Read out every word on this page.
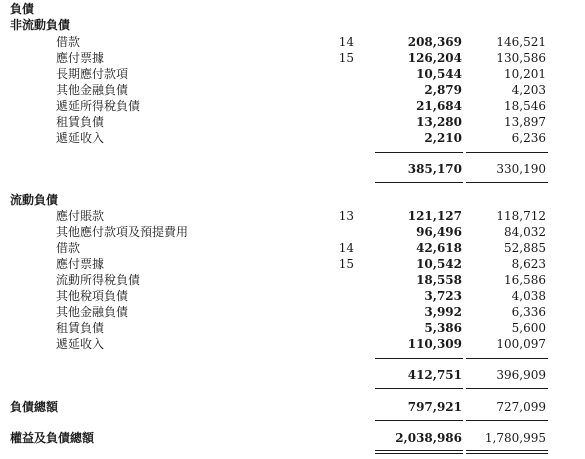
負債
非流動負債
借款	14	208,369	146,521
應付票據	15	126,204	130,586
長期應付款項	10,544	10,201
其他金融負債	2,879	4,203
遞延所得稅負債	21,684	18,546
租賃負債	13,280	13,897
遞延收入	2,210	6,236
385,170	330,190
流動負債
應付賬款	13	121,127	118,712
其他應付款項及預提費用	96,496	84,032
借款	14	42,618	52,885
應付票據	15	10,542	8,623
流動所得稅負債	18,558	16,586
其他稅項負債	3,723	4,038
其他金融負債	3,992	6,336
租賃負債	5,386	5,600
遞延收入	110,309	100,097
412,751	396,909
負債總額	797,921	727,099
權益及負債總額	2,038,986	1,780,995
